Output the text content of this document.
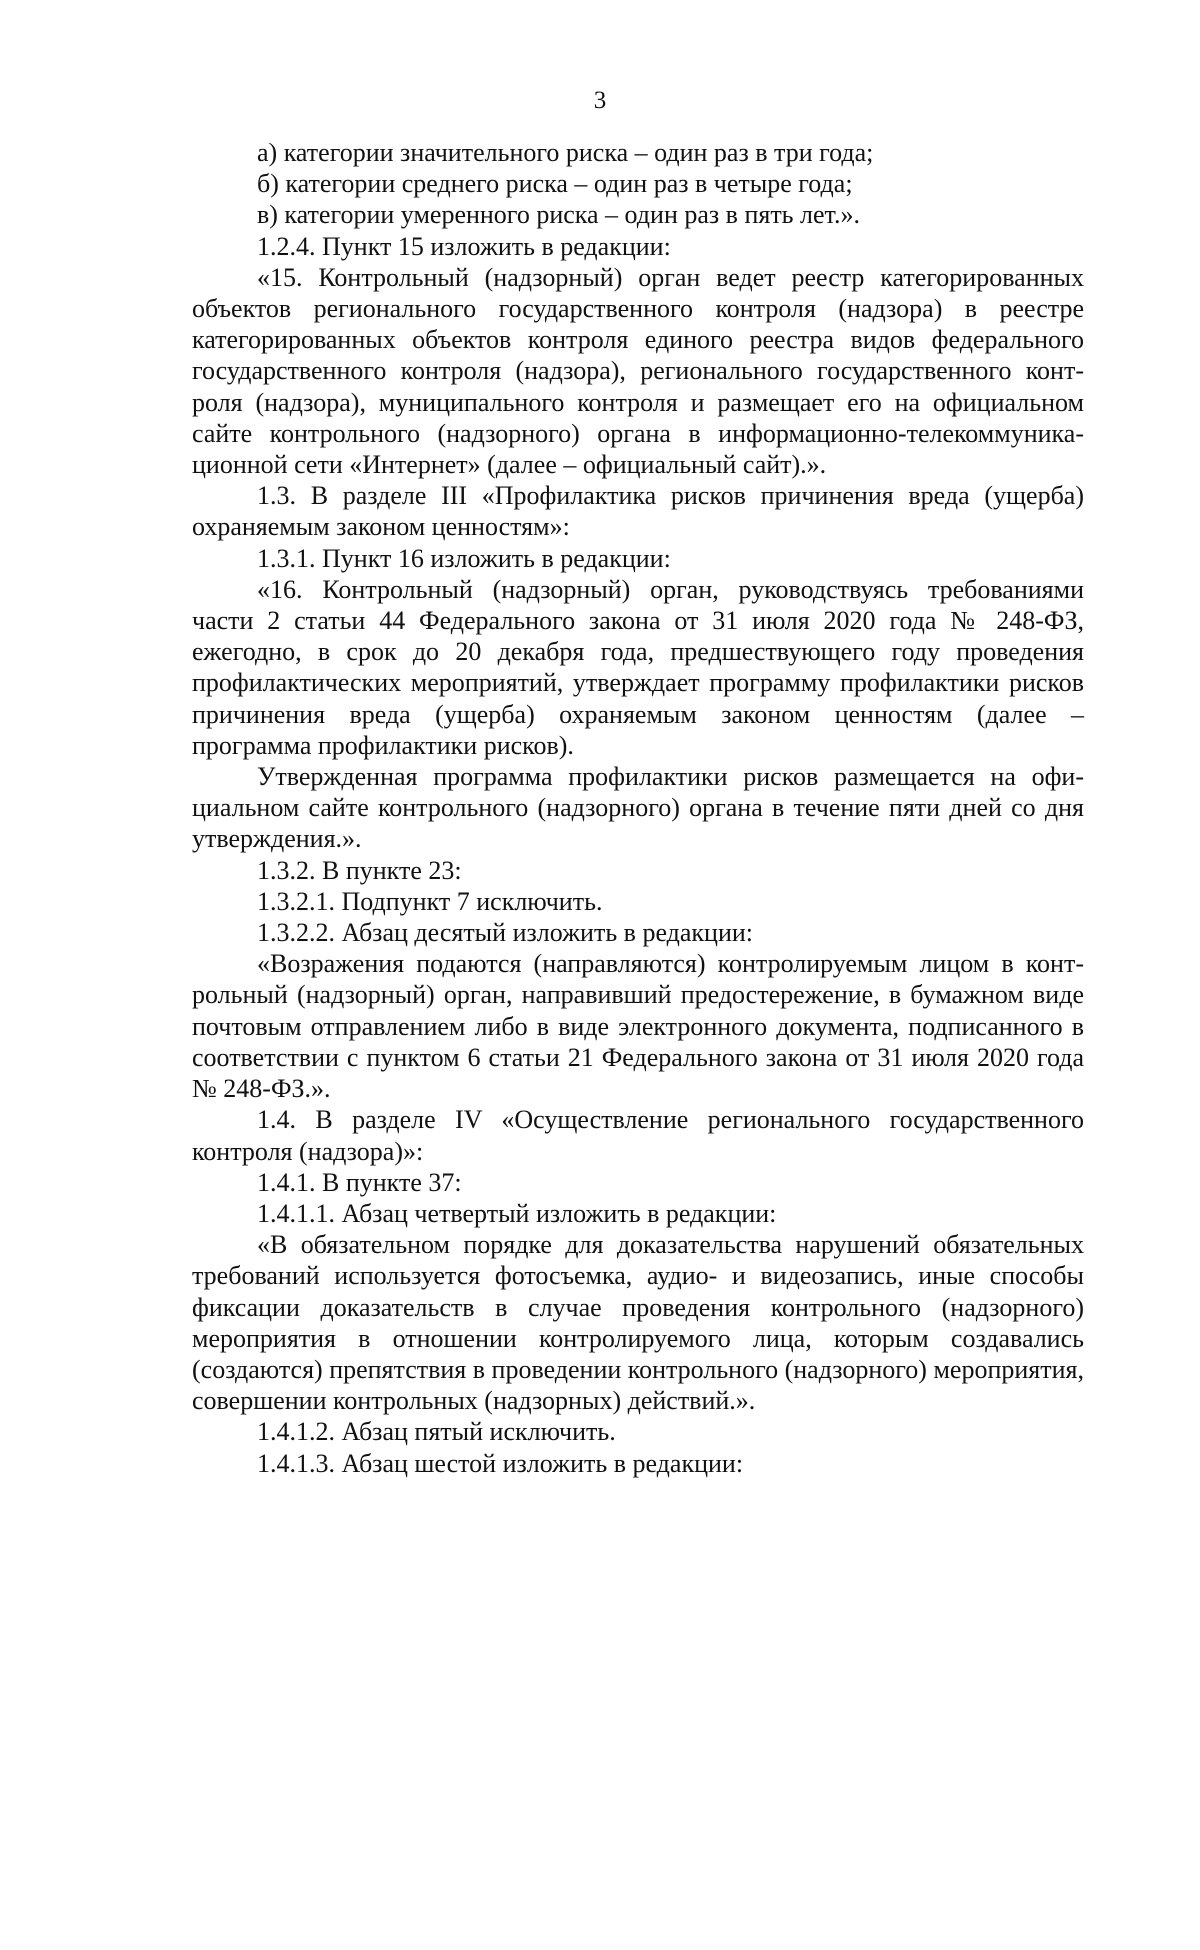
3

а) категории значительного риска – один раз в три года;

б) категории среднего риска – один раз в четыре года;

в) категории умеренного риска – один раз в пять лет.».

1.2.4. Пункт 15 изложить в редакции:

«15. Контрольный (надзорный) орган ведет реестр категорированных объектов регионального государственного контроля (надзора) в реестре категорированных объектов контроля единого реестра видов федерального государственного контроля (надзора), регионального государственного контроля (надзора), муниципального контроля и размещает его на официальном сайте контрольного (надзорного) органа в информационно-телекоммуникационной сети «Интернет» (далее – официальный сайт).».

1.3. В разделе III «Профилактика рисков причинения вреда (ущерба) охраняемым законом ценностям»:

1.3.1. Пункт 16 изложить в редакции:

«16. Контрольный (надзорный) орган, руководствуясь требованиями части 2 статьи 44 Федерального закона от 31 июля 2020 года № 248-ФЗ, ежегодно, в срок до 20 декабря года, предшествующего году проведения профилактических мероприятий, утверждает программу профилактики рисков причинения вреда (ущерба) охраняемым законом ценностям (далее – программа профилактики рисков).

Утвержденная программа профилактики рисков размещается на официальном сайте контрольного (надзорного) органа в течение пяти дней со дня утверждения.».

1.3.2. В пункте 23:

1.3.2.1. Подпункт 7 исключить.

1.3.2.2. Абзац десятый изложить в редакции:

«Возражения подаются (направляются) контролируемым лицом в контрольный (надзорный) орган, направивший предостережение, в бумажном виде почтовым отправлением либо в виде электронного документа, подписанного в соответствии с пунктом 6 статьи 21 Федерального закона от 31 июля 2020 года № 248-ФЗ.».

1.4. В разделе IV «Осуществление регионального государственного контроля (надзора)»:

1.4.1. В пункте 37:

1.4.1.1. Абзац четвертый изложить в редакции:

«В обязательном порядке для доказательства нарушений обязательных требований используется фотосъемка, аудио- и видеозапись, иные способы фиксации доказательств в случае проведения контрольного (надзорного) мероприятия в отношении контролируемого лица, которым создавались (создаются) препятствия в проведении контрольного (надзорного) мероприятия, совершении контрольных (надзорных) действий.».

1.4.1.2. Абзац пятый исключить.

1.4.1.3. Абзац шестой изложить в редакции:
